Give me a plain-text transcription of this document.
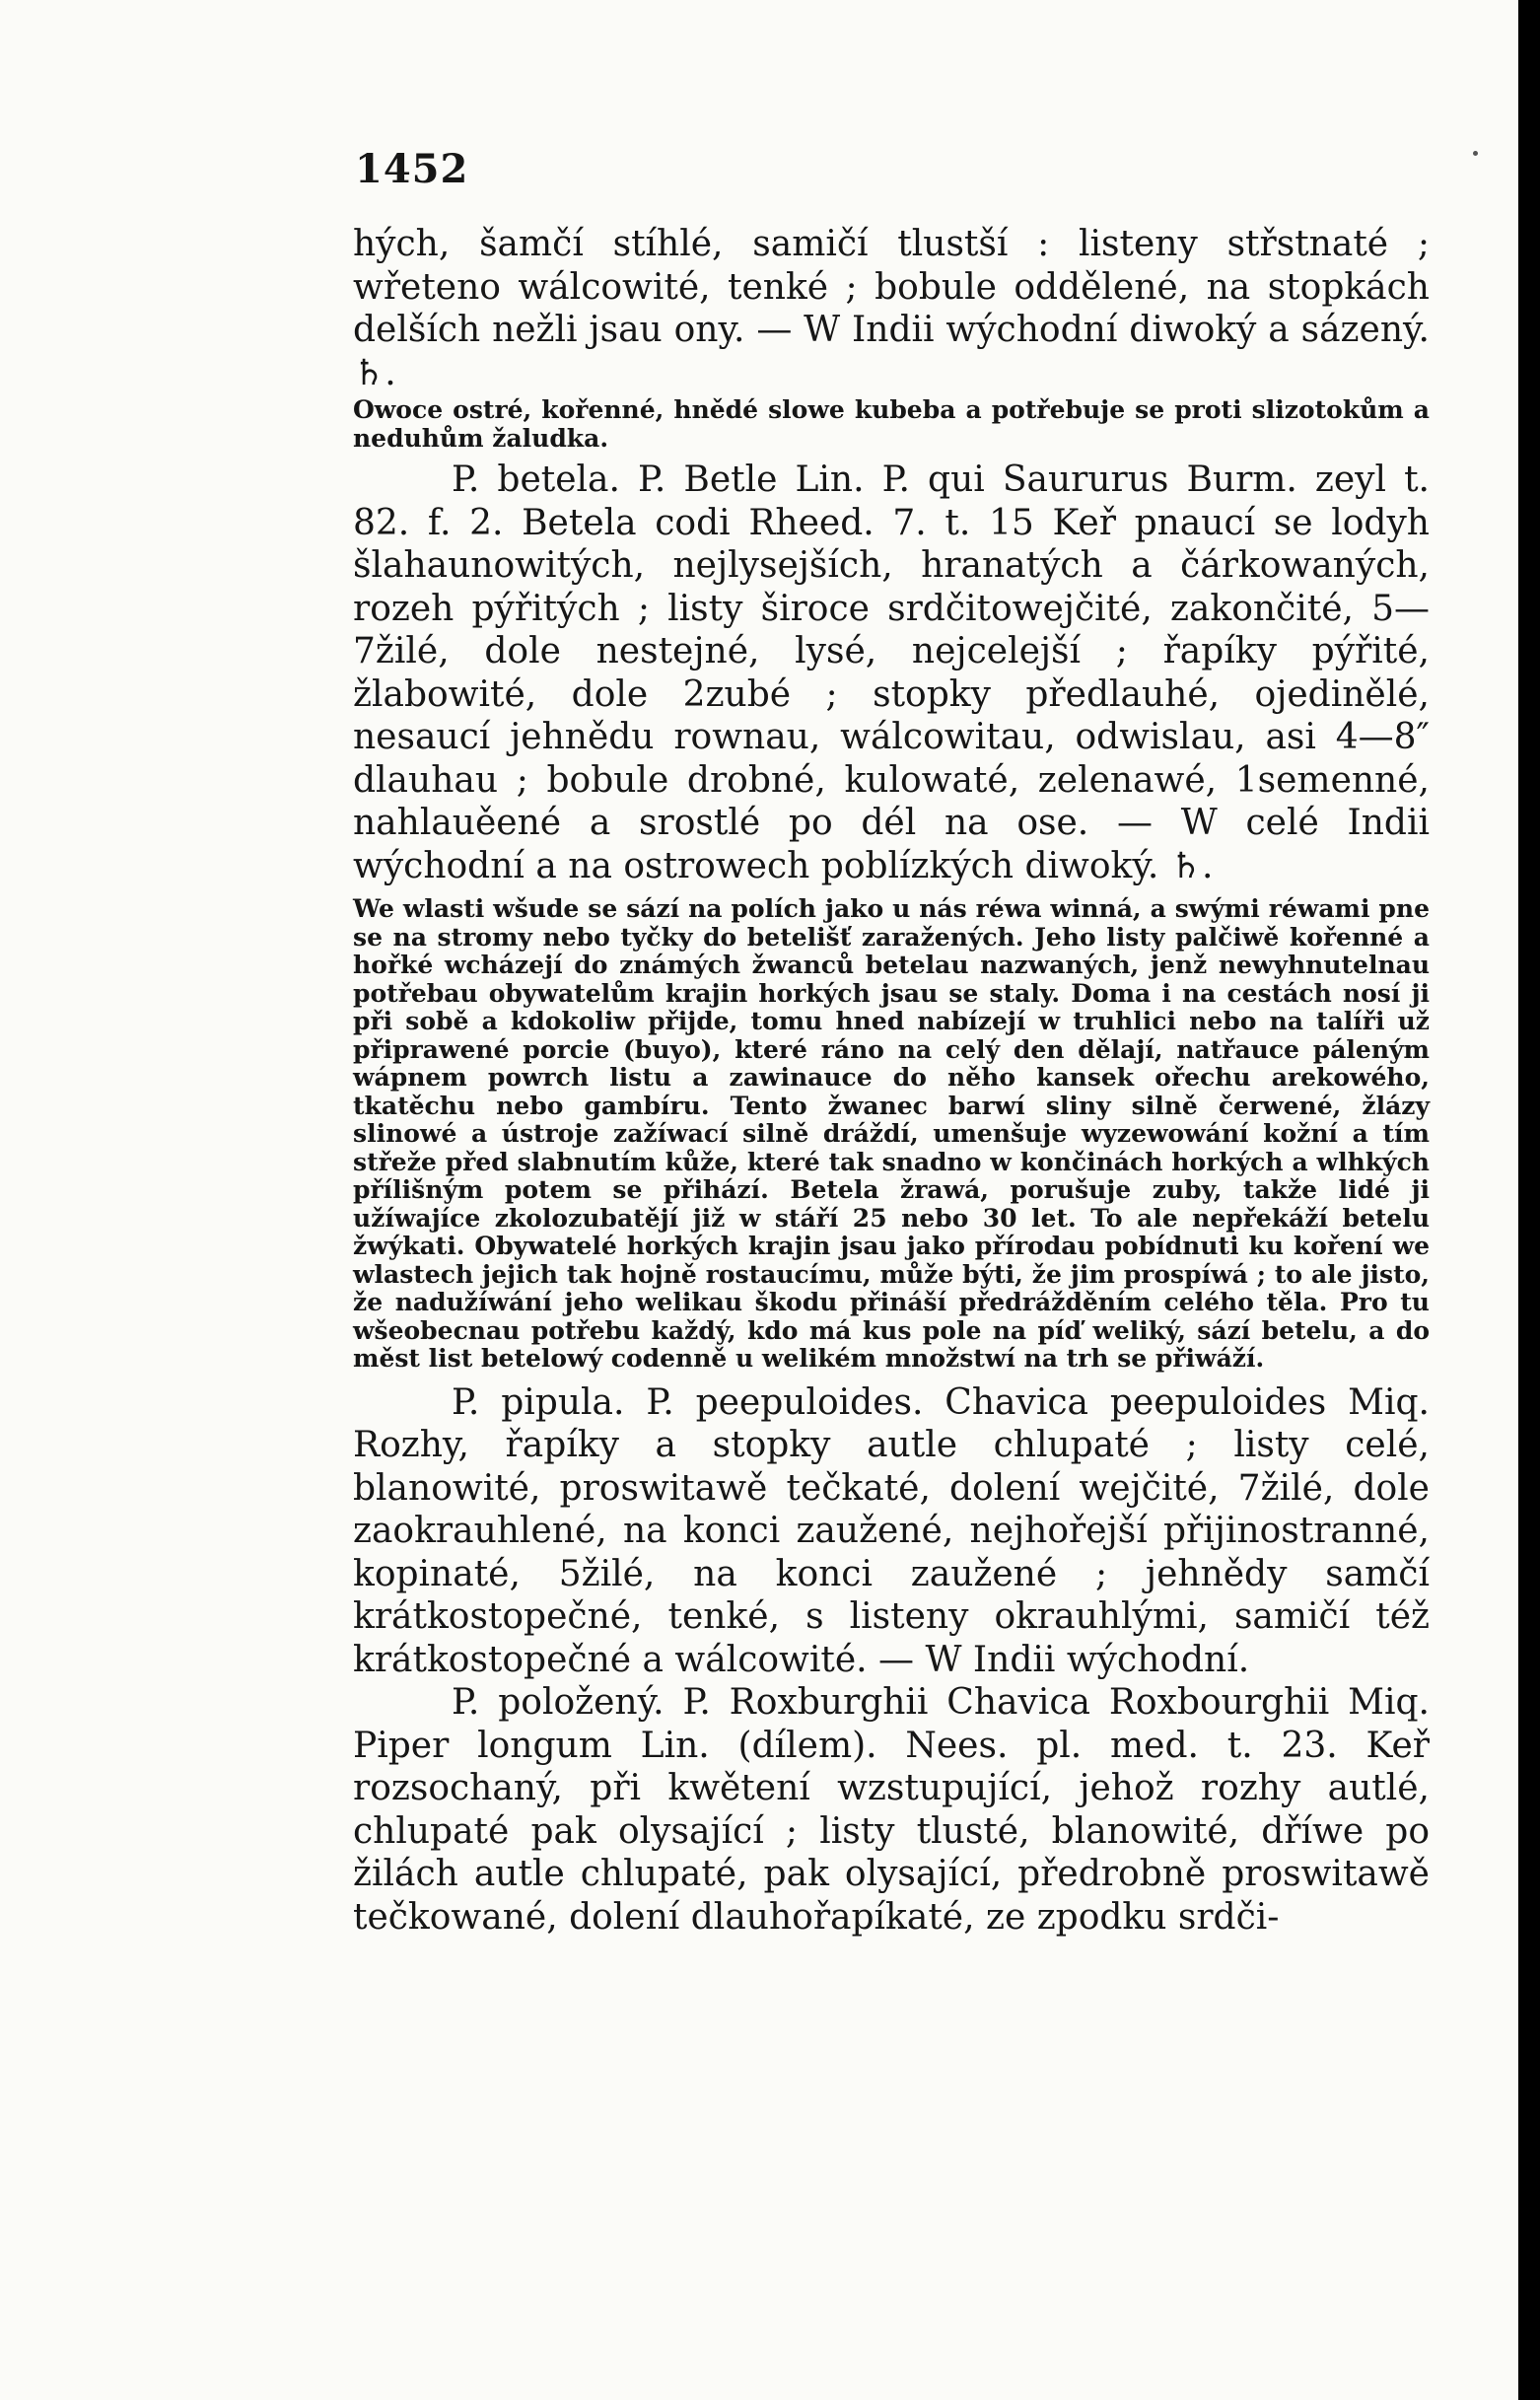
1452

hých, šamčí stíhlé, samičí tlustší : listeny střstnaté ; wřeteno wálcowité, tenké ; bobule oddělené, na stopkách delších nežli jsau ony. — W Indii wýchodní diwoký a sázený. ♄.

Owoce ostré, kořenné, hnědé slowe kubeba a potřebuje se proti slizotokům a neduhům žaludka.

P. betela. P. Betle Lin. P. qui Saururus Burm. zeyl t. 82. f. 2. Betela codi Rheed. 7. t. 15 Keř pnaucí se lodyh šlahaunowitých, nejlysejších, hranatých a čárkowaných, rozeh pýřitých ; listy široce srdčitowejčité, zakončité, 5—7žilé, dole nestejné, lysé, nejcelejší ; řapíky pýřité, žlabowité, dole 2zubé ; stopky předlauhé, ojedinělé, nesaucí jehnědu rownau, wálcowitau, odwislau, asi 4—8″ dlauhau ; bobule drobné, kulowaté, zelenawé, 1semenné, nahlauěené a srostlé po dél na ose. — W celé Indii wýchodní a na ostrowech poblízkých diwoký. ♄.

We wlasti wšude se sází na polích jako u nás réwa winná, a swými réwami pne se na stromy nebo tyčky do betelišť zaražených. Jeho listy palčiwě kořenné a hořké wcházejí do známých žwanců betelau nazwaných, jenž newyhnutelnau potřebau obywatelům krajin horkých jsau se staly. Doma i na cestách nosí ji při sobě a kdokoliw přijde, tomu hned nabízejí w truhlici nebo na talíři už připrawené porcie (buyo), které ráno na celý den dělají, natřauce páleným wápnem powrch listu a zawinauce do něho kansek ořechu arekowého, tkatěchu nebo gambíru. Tento žwanec barwí sliny silně čerwené, žlázy slinowé a ústroje zažíwací silně dráždí, umenšuje wyzewowání kožní a tím střeže před slabnutím kůže, které tak snadno w končinách horkých a wlhkých přílišným potem se přihází. Betela žrawá, porušuje zuby, takže lidé ji užíwajíce zkolozubatějí již w stáří 25 nebo 30 let. To ale nepřekáží betelu žwýkati. Obywatelé horkých krajin jsau jako přírodau pobídnuti ku koření we wlastech jejich tak hojně rostaucímu, může býti, že jim prospíwá ; to ale jisto, že nadužíwání jeho welikau škodu přináší předrážděním celého těla. Pro tu wšeobecnau potřebu každý, kdo má kus pole na píď weliký, sází betelu, a do měst list betelowý codenně u welikém množstwí na trh se přiwáží.

P. pipula. P. peepuloides. Chavica peepuloides Miq. Rozhy, řapíky a stopky autle chlupaté ; listy celé, blanowité, proswitawě tečkaté, dolení wejčité, 7žilé, dole zaokrauhlené, na konci zaužené, nejhořejší přijinostranné, kopinaté, 5žilé, na konci zaužené ; jehnědy samčí krátkostopečné, tenké, s listeny okrauhlými, samičí též krátkostopečné a wálcowité. — W Indii wýchodní.

P. položený. P. Roxburghii Chavica Roxbourghii Miq. Piper longum Lin. (dílem). Nees. pl. med. t. 23. Keř rozsochaný, při kwětení wzstupující, jehož rozhy autlé, chlupaté pak olysající ; listy tlusté, blanowité, dříwe po žilách autle chlupaté, pak olysající, předrobně proswitawě tečkowané, dolení dlauhořapíkaté, ze zpodku srdči-
